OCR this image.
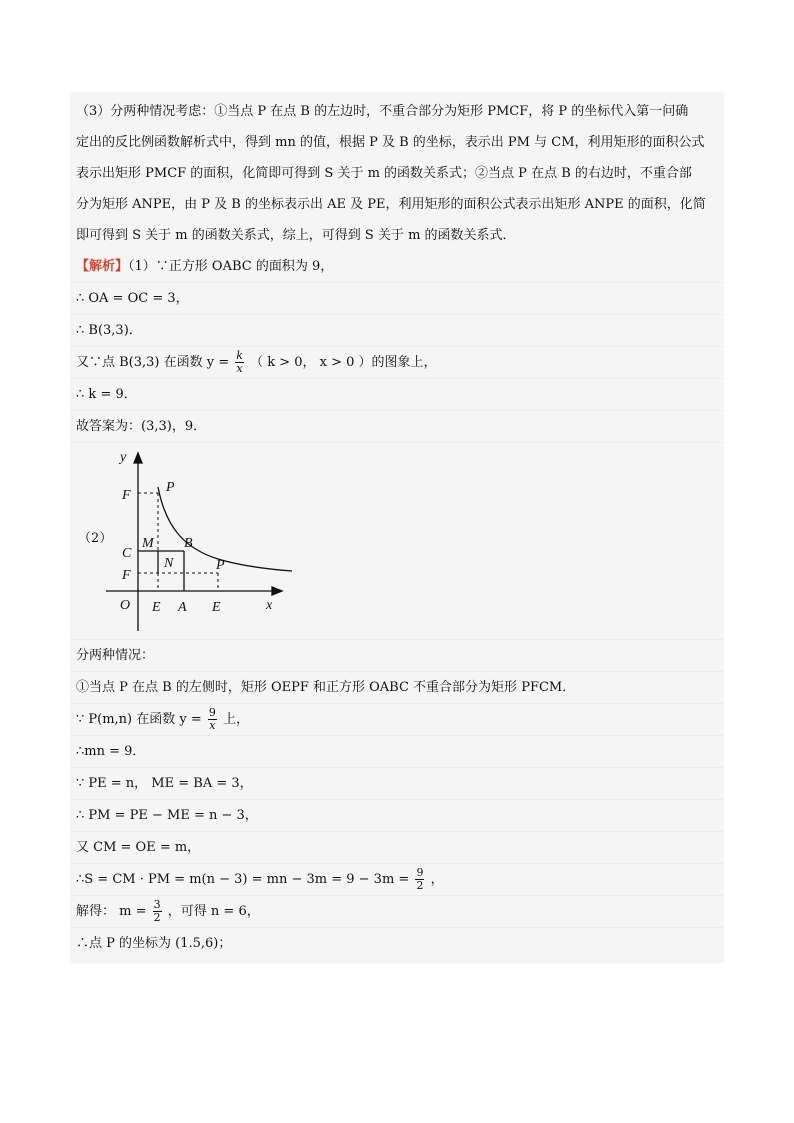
（3）分两种情况考虑：①当点 P 在点 B 的左边时，不重合部分为矩形 PMCF，将 P 的坐标代入第一问确
定出的反比例函数解析式中，得到 mn 的值，根据 P 及 B 的坐标，表示出 PM 与 CM，利用矩形的面积公式
表示出矩形 PMCF 的面积，化简即可得到 S 关于 m 的函数关系式；②当点 P 在点 B 的右边时，不重合部
分为矩形 ANPE，由 P 及 B 的坐标表示出 AE 及 PE，利用矩形的面积公式表示出矩形 ANPE 的面积，化简
即可得到 S 关于 m 的函数关系式，综上，可得到 S 关于 m 的函数关系式．
【解析】（1）∵正方形 OABC 的面积为 9，
∴ OA = OC = 3，
∴ B(3,3)．
又∵点 B(3,3) 在函数 $y = \frac{k}{x}$ （ k > 0， x > 0 ）的图象上，
∴ k = 9．
故答案为：(3,3)，9．
（2）
y
x
O E A E
F
C
F
M
N
B
P
P
分两种情况：
①当点 P 在点 B 的左侧时，矩形 OEPF 和正方形 OABC 不重合部分为矩形 PFCM．
∵ P(m,n) 在函数 $y = \frac{9}{x}$ 上，
∴mn = 9．
∵ PE = n， ME = BA = 3，
∴ PM = PE − ME = n − 3，
又 CM = OE = m，
∴S = CM · PM = m(n − 3) = mn − $3m = 9 - 3m = \frac{9}{2}$ ，
解得： $m = \frac{3}{2}$ ，可得 n = 6，
∴点 P 的坐标为 (1.5,6)；
